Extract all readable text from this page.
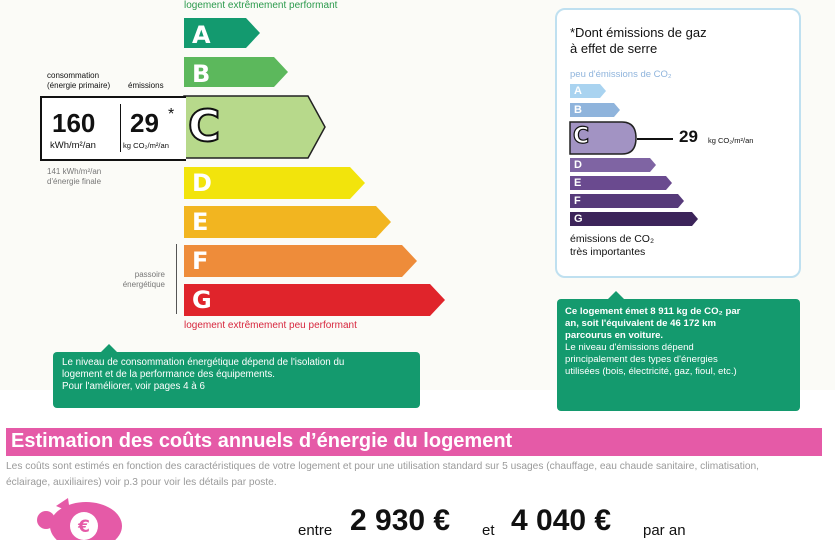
logement extrêmement performant
A
B
C
D
E
F
G
logement extrêmement peu performant
consommation
(énergie primaire) émissions
160
kWh/m²/an
29 *
kg CO₂/m²/an
141 kWh/m²/an
d'énergie finale
passoire
énergétique
Le niveau de consommation énergétique dépend de l'isolation du
logement et de la performance des équipements.
Pour l'améliorer, voir pages 4 à 6
*Dont émissions de gaz
à effet de serre
peu d'émissions de CO₂
A
B
C
D
E
F
G
29 kg CO₂/m²/an
émissions de CO₂
très importantes
Ce logement émet 8 911 kg de CO₂ par
an, soit l'équivalent de 46 172 km
parcourus en voiture.
Le niveau d'émissions dépend
principalement des types d'énergies
utilisées (bois, électricité, gaz, fioul, etc.)
Estimation des coûts annuels d’énergie du logement
Les coûts sont estimés en fonction des caractéristiques de votre logement et pour une utilisation standard sur 5 usages (chauffage, eau chaude sanitaire, climatisation,
éclairage, auxiliaires) voir p.3 pour voir les détails par poste.
€	entre 2 930 € et 4 040 € par an
